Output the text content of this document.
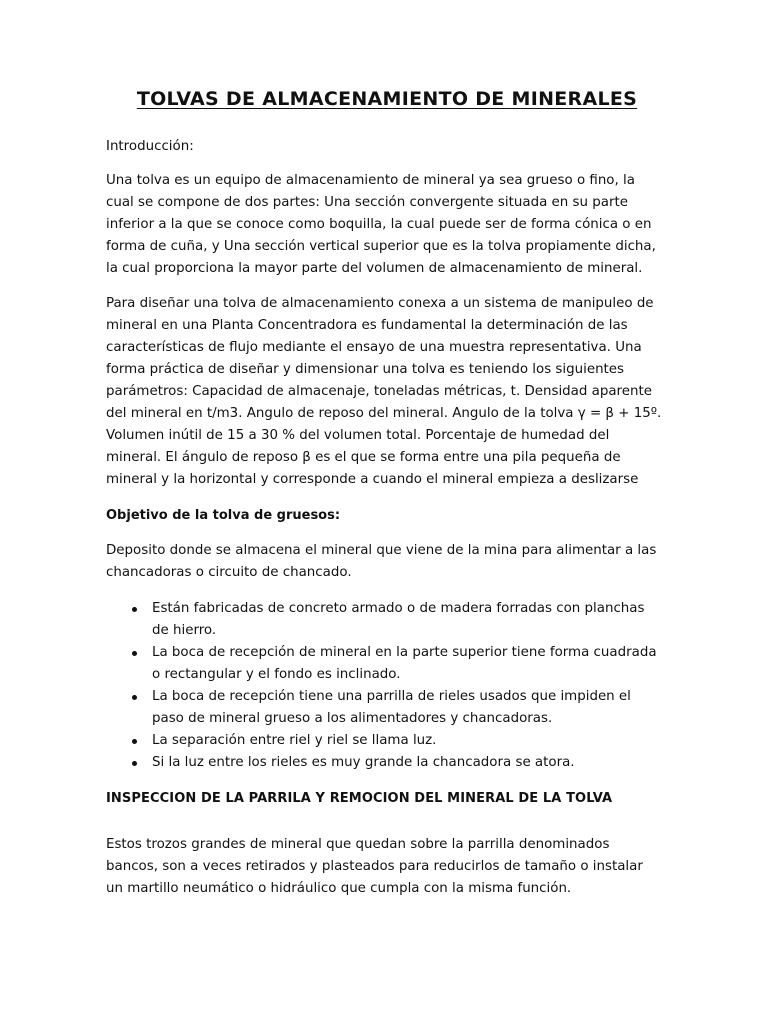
TOLVAS DE ALMACENAMIENTO DE MINERALES

Introducción:

Una tolva es un equipo de almacenamiento de mineral ya sea grueso o fino, la cual se compone de dos partes: Una sección convergente situada en su parte inferior a la que se conoce como boquilla, la cual puede ser de forma cónica o en forma de cuña, y Una sección vertical superior que es la tolva propiamente dicha, la cual proporciona la mayor parte del volumen de almacenamiento de mineral.

Para diseñar una tolva de almacenamiento conexa a un sistema de manipuleo de mineral en una Planta Concentradora es fundamental la determinación de las características de flujo mediante el ensayo de una muestra representativa. Una forma práctica de diseñar y dimensionar una tolva es teniendo los siguientes parámetros: Capacidad de almacenaje, toneladas métricas, t. Densidad aparente del mineral en t/m3. Angulo de reposo del mineral. Angulo de la tolva γ = β + 15º. Volumen inútil de 15 a 30 % del volumen total. Porcentaje de humedad del mineral. El ángulo de reposo β es el que se forma entre una pila pequeña de mineral y la horizontal y corresponde a cuando el mineral empieza a deslizarse

Objetivo de la tolva de gruesos:

Deposito donde se almacena el mineral que viene de la mina para alimentar a las chancadoras o circuito de chancado.

Están fabricadas de concreto armado o de madera forradas con planchas de hierro.
La boca de recepción de mineral en la parte superior tiene forma cuadrada o rectangular y el fondo es inclinado.
La boca de recepción tiene una parrilla de rieles usados que impiden el paso de mineral grueso a los alimentadores y chancadoras.
La separación entre riel y riel se llama luz.
Si la luz entre los rieles es muy grande la chancadora se atora.

INSPECCION DE LA PARRILA Y REMOCION DEL MINERAL DE LA TOLVA

Estos trozos grandes de mineral que quedan sobre la parrilla denominados bancos, son a veces retirados y plasteados para reducirlos de tamaño o instalar un martillo neumático o hidráulico que cumpla con la misma función.
